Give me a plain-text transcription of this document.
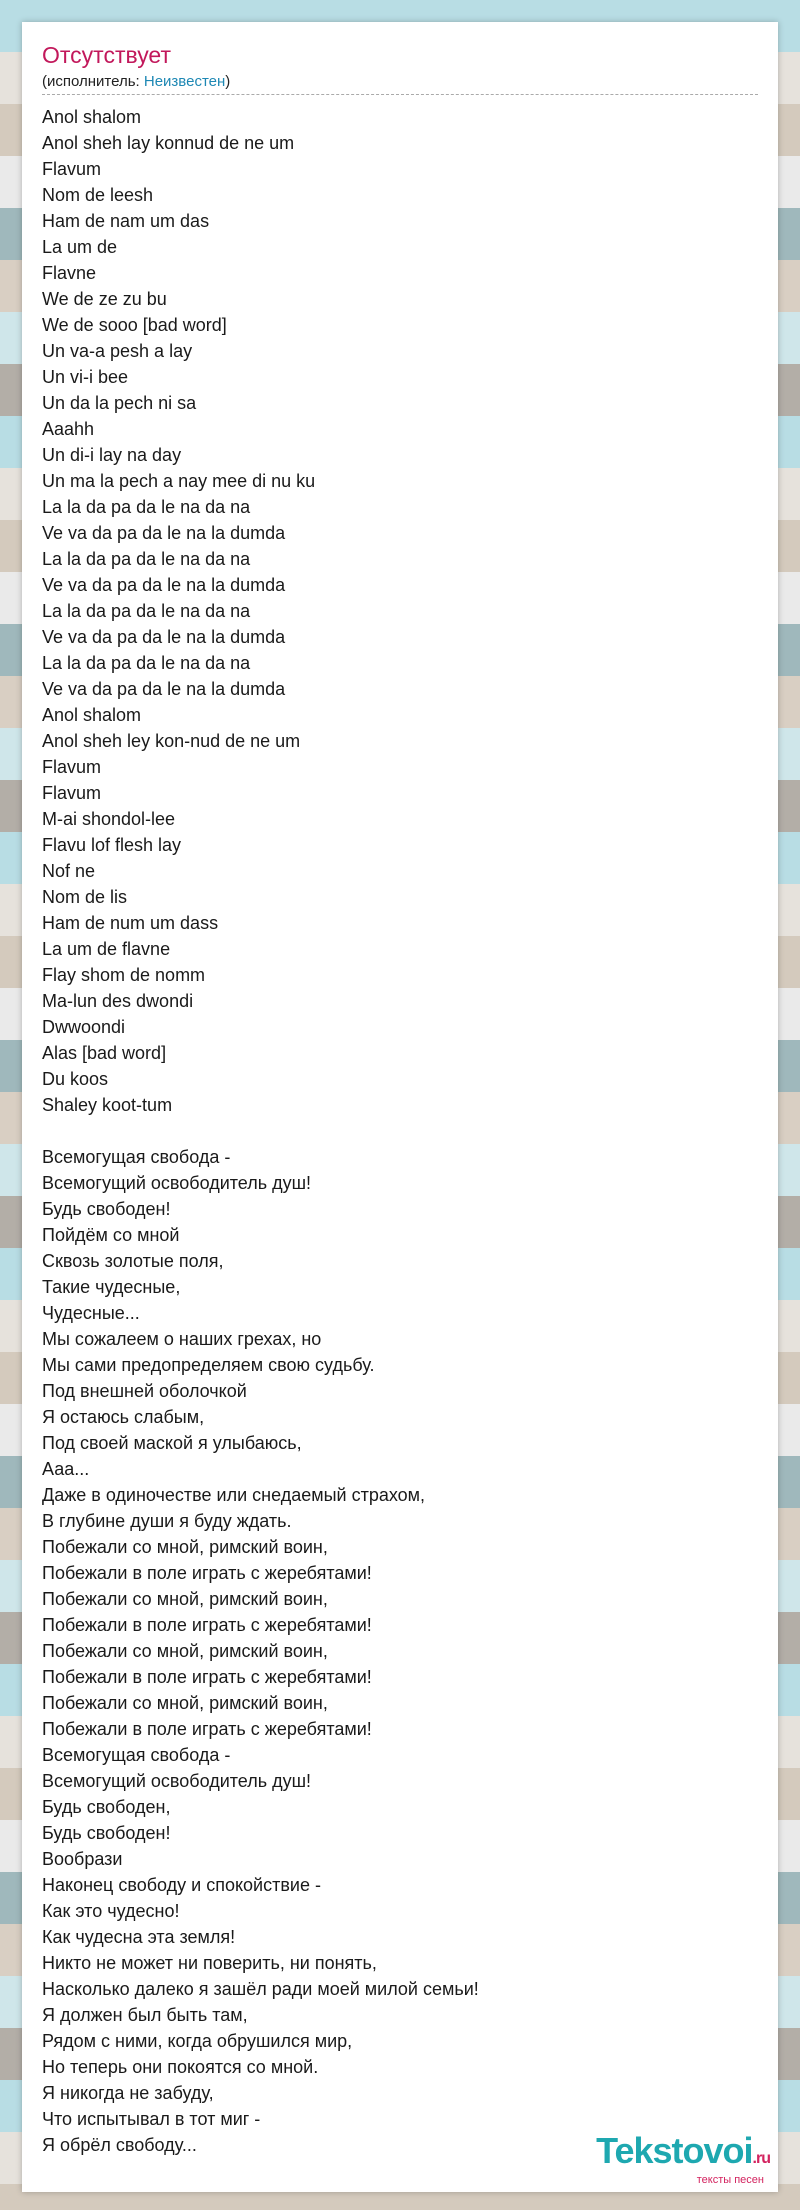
Отсутствует
(исполнитель: Неизвестен)
Anol shalom
Anol sheh lay konnud de ne um
Flavum
Nom de leesh
Ham de nam um das
La um de
Flavne
We de ze zu bu
We de sooo [bad word]
Un va-a pesh a lay
Un vi-i bee
Un da la pech ni sa
Aaahh
Un di-i lay na day
Un ma la pech a nay mee di nu ku
La la da pa da le na da na
Ve va da pa da le na la dumda
La la da pa da le na da na
Ve va da pa da le na la dumda
La la da pa da le na da na
Ve va da pa da le na la dumda
La la da pa da le na da na
Ve va da pa da le na la dumda
Anol shalom
Anol sheh ley kon-nud de ne um
Flavum
Flavum
M-ai shondol-lee
Flavu lof flesh lay
Nof ne
Nom de lis
Ham de num um dass
La um de flavne
Flay shom de nomm
Ma-lun des dwondi
Dwwoondi
Alas [bad word]
Du koos
Shaley koot-tum
Всемогущая свобода -
Всемогущий освободитель душ!
Будь свободен!
Пойдём со мной
Сквозь золотые поля,
Такие чудесные,
Чудесные...
Мы сожалеем о наших грехах, но
Мы сами предопределяем свою судьбу.
Под внешней оболочкой
Я остаюсь слабым,
Под своей маской я улыбаюсь,
Ааа...
Даже в одиночестве или снедаемый страхом,
В глубине души я буду ждать.
Побежали со мной, римский воин,
Побежали в поле играть с жеребятами!
Побежали со мной, римский воин,
Побежали в поле играть с жеребятами!
Побежали со мной, римский воин,
Побежали в поле играть с жеребятами!
Побежали со мной, римский воин,
Побежали в поле играть с жеребятами!
Всемогущая свобода -
Всемогущий освободитель душ!
Будь свободен,
Будь свободен!
Вообрази
Наконец свободу и спокойствие -
Как это чудесно!
Как чудесна эта земля!
Никто не может ни поверить, ни понять,
Насколько далеко я зашёл ради моей милой семьи!
Я должен был быть там,
Рядом с ними, когда обрушился мир,
Но теперь они покоятся со мной.
Я никогда не забуду,
Что испытывал в тот миг -
Я обрёл свободу...	Tekstovoi.ru
тексты песен
